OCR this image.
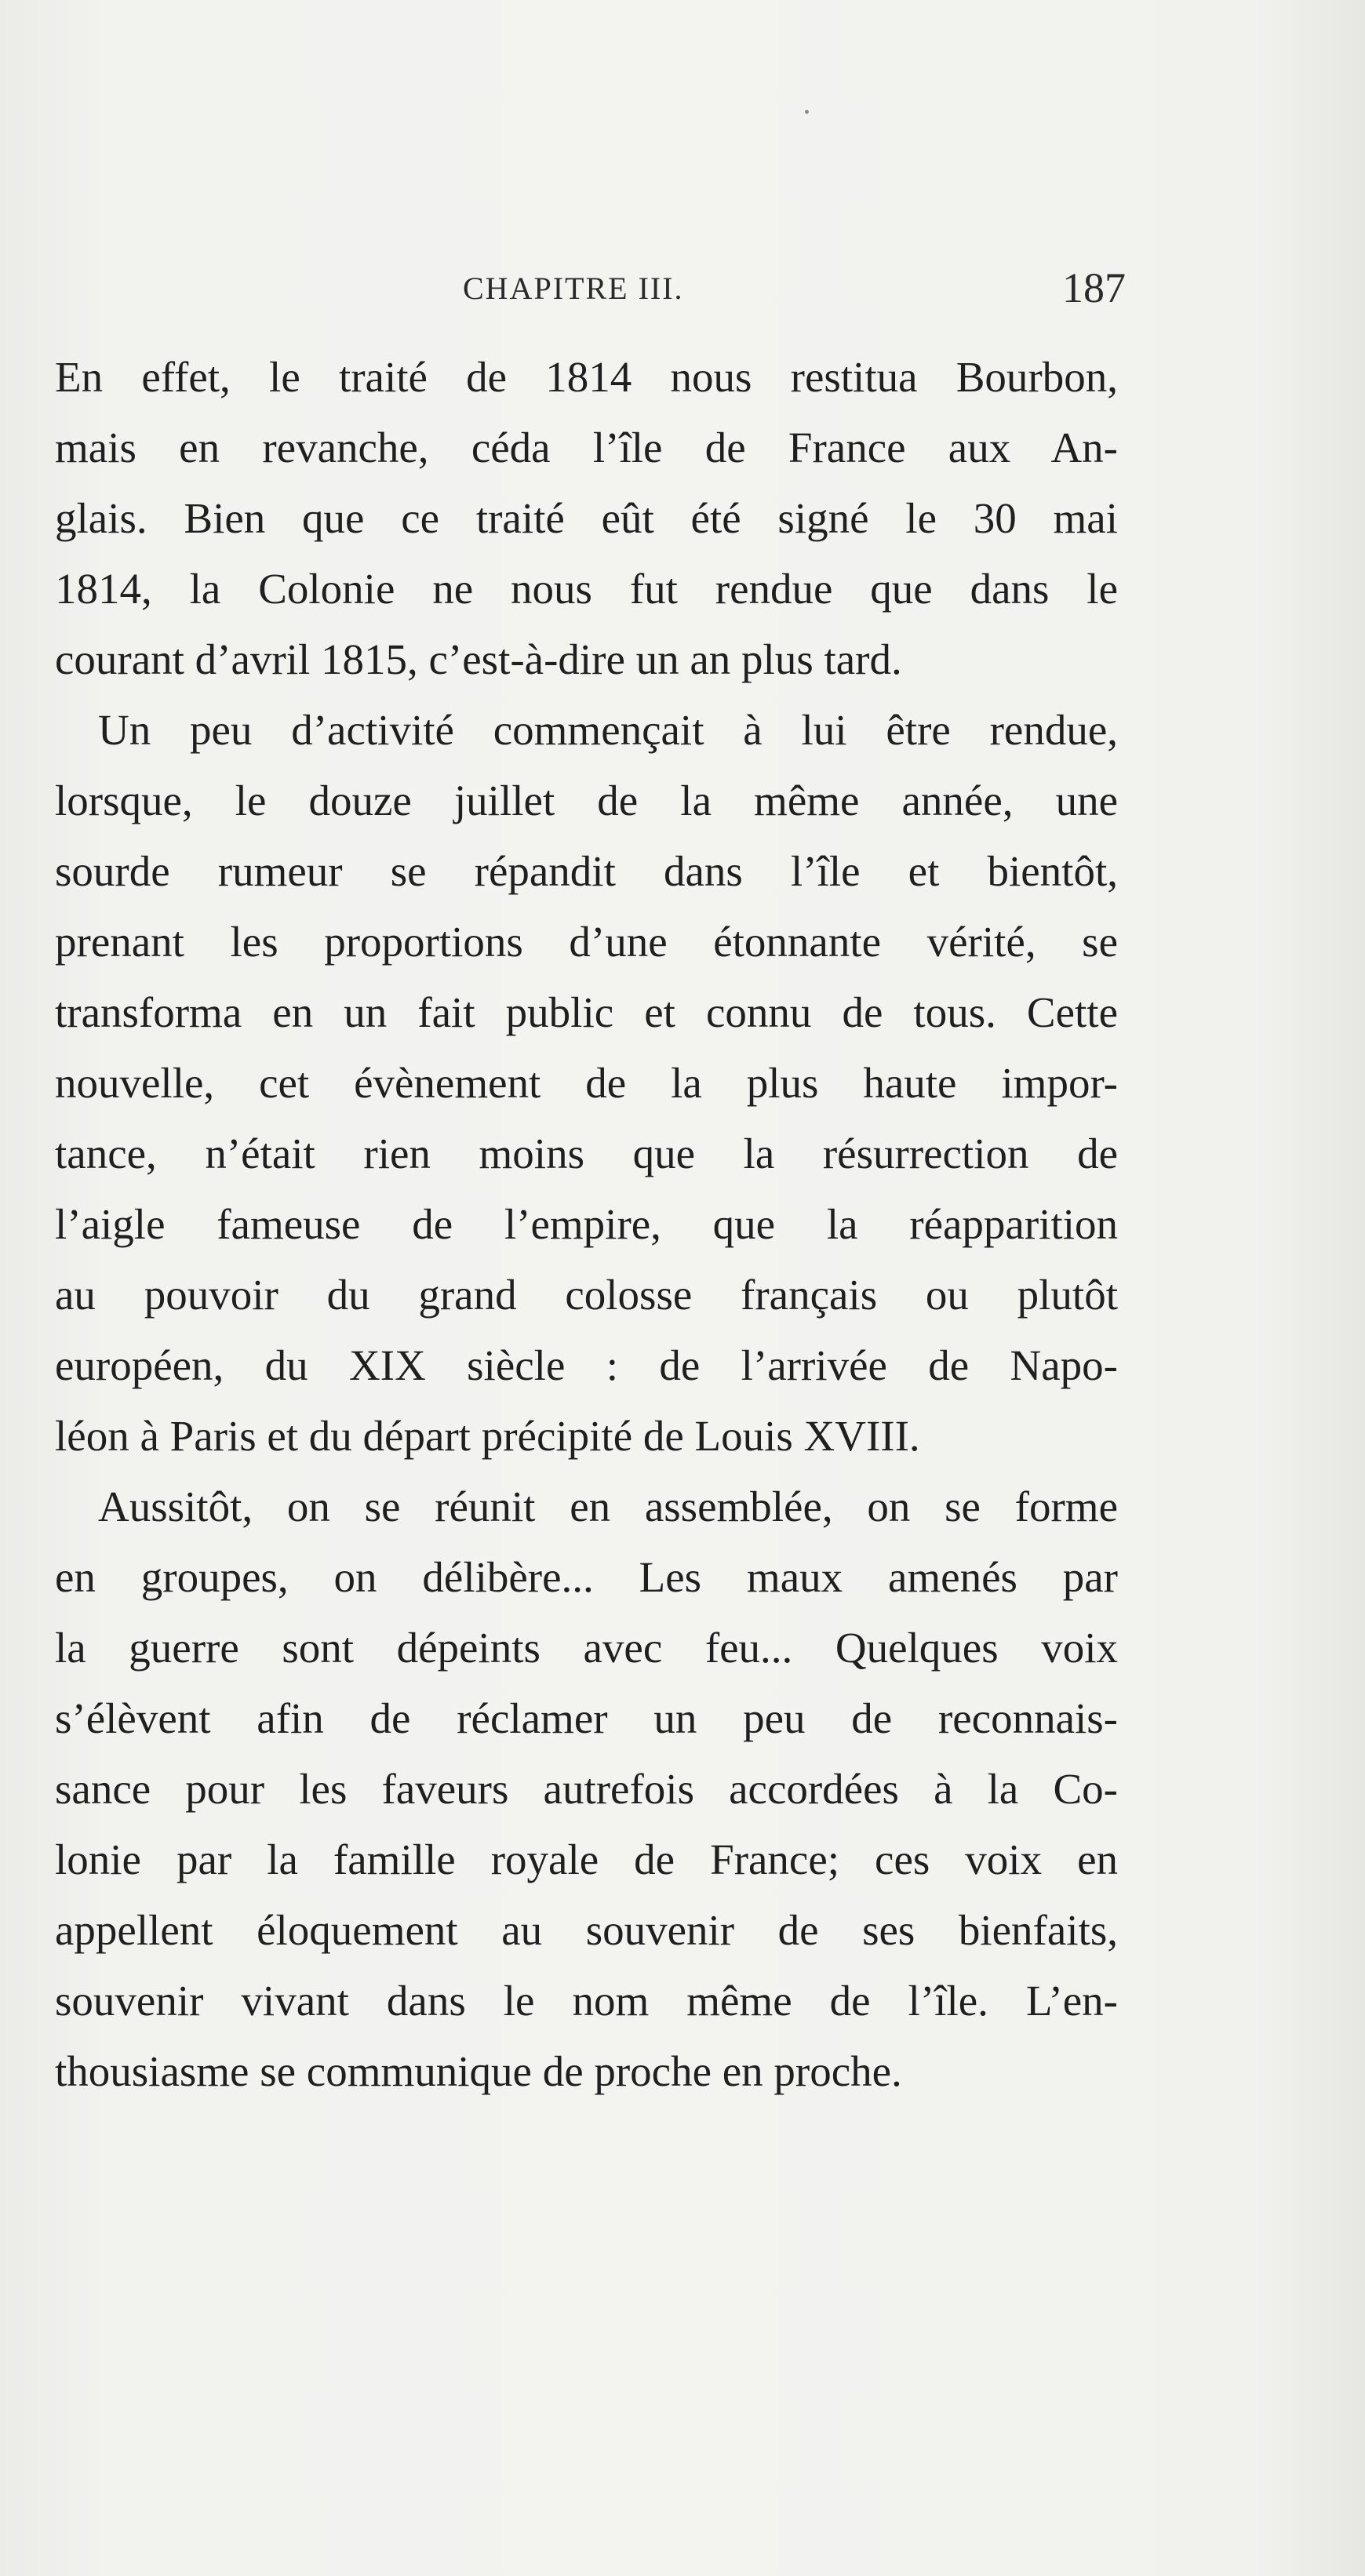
CHAPITRE III.	187
En effet, le traité de 1814 nous restitua Bourbon,
mais en revanche, céda l’île de France aux An-
glais. Bien que ce traité eût été signé le 30 mai
1814, la Colonie ne nous fut rendue que dans le
courant d’avril 1815, c’est-à-dire un an plus tard.
Un peu d’activité commençait à lui être rendue,
lorsque, le douze juillet de la même année, une
sourde rumeur se répandit dans l’île et bientôt,
prenant les proportions d’une étonnante vérité, se
transforma en un fait public et connu de tous. Cette
nouvelle, cet évènement de la plus haute impor-
tance, n’était rien moins que la résurrection de
l’aigle fameuse de l’empire, que la réapparition
au pouvoir du grand colosse français ou plutôt
européen, du XIX siècle : de l’arrivée de Napo-
léon à Paris et du départ précipité de Louis XVIII.
Aussitôt, on se réunit en assemblée, on se forme
en groupes, on délibère... Les maux amenés par
la guerre sont dépeints avec feu... Quelques voix
s’élèvent afin de réclamer un peu de reconnais-
sance pour les faveurs autrefois accordées à la Co-
lonie par la famille royale de France; ces voix en
appellent éloquement au souvenir de ses bienfaits,
souvenir vivant dans le nom même de l’île. L’en-
thousiasme se communique de proche en proche.
